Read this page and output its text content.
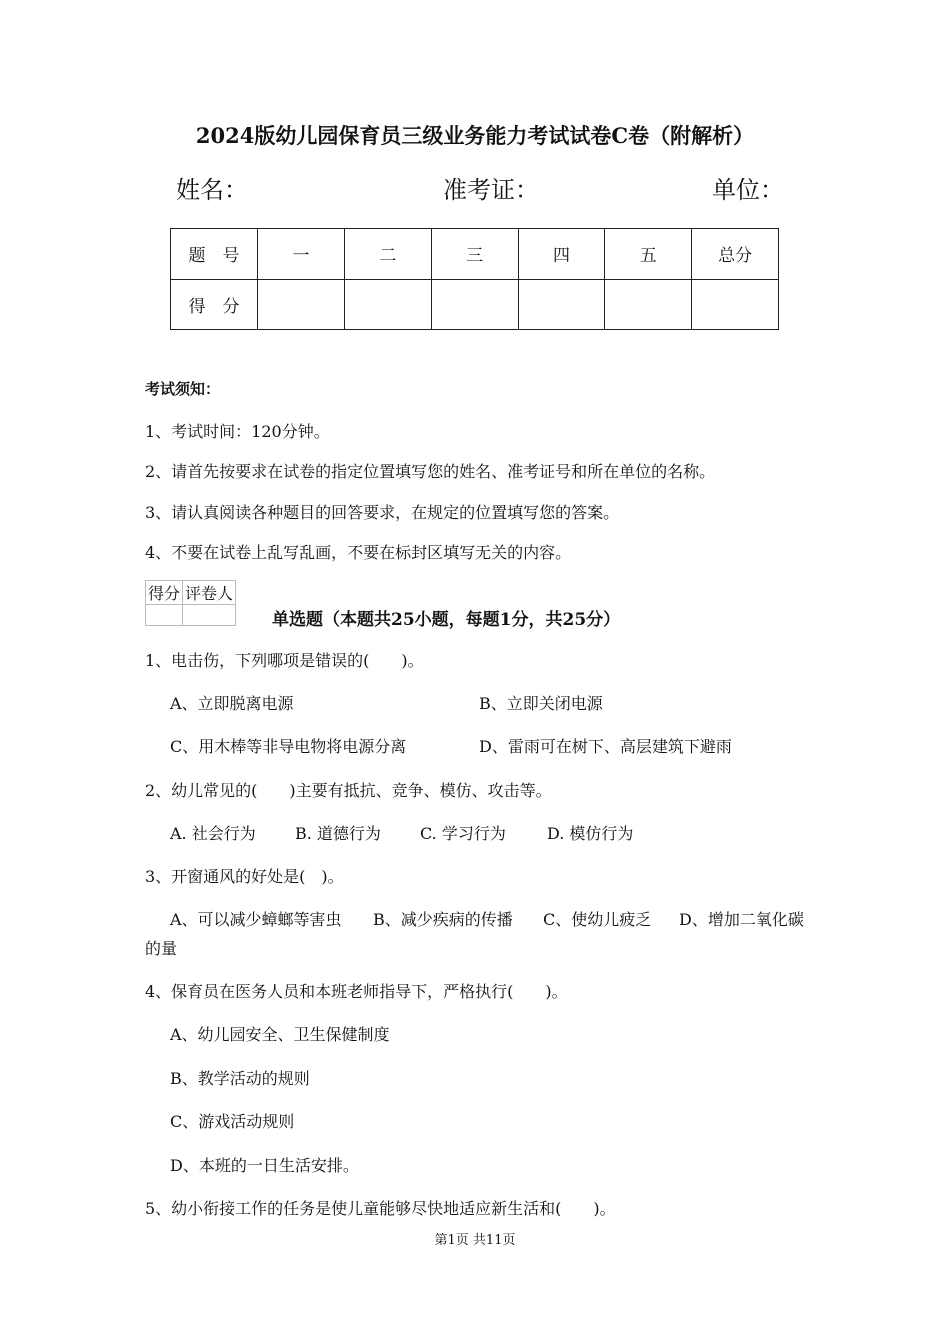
2024版幼儿园保育员三级业务能力考试试卷C卷（附解析）
姓名：	准考证：	单位：
题　号	一	二	三	四	五	总分
得　分						
考试须知：
1、考试时间：120分钟。
2、请首先按要求在试卷的指定位置填写您的姓名、准考证号和所在单位的名称。
3、请认真阅读各种题目的回答要求，在规定的位置填写您的答案。
4、不要在试卷上乱写乱画，不要在标封区填写无关的内容。
得分	评卷人

单选题（本题共25小题，每题1分，共25分）
1、电击伤，下列哪项是错误的(　　)。
A、立即脱离电源	B、立即关闭电源
C、用木棒等非导电物将电源分离	D、雷雨可在树下、高层建筑下避雨
2、幼儿常见的(　　)主要有抵抗、竞争、模仿、攻击等。
A. 社会行为 B. 道德行为 C. 学习行为	D. 模仿行为
3、开窗通风的好处是(　)。
A、可以减少蟑螂等害虫 B、减少疾病的传播 C、使幼儿疲乏 D、增加二氧化碳
的量
4、保育员在医务人员和本班老师指导下，严格执行(　　)。
A、幼儿园安全、卫生保健制度
B、教学活动的规则
C、游戏活动规则
D、本班的一日生活安排。
5、幼小衔接工作的任务是使儿童能够尽快地适应新生活和(　　)。
第1页 共11页
